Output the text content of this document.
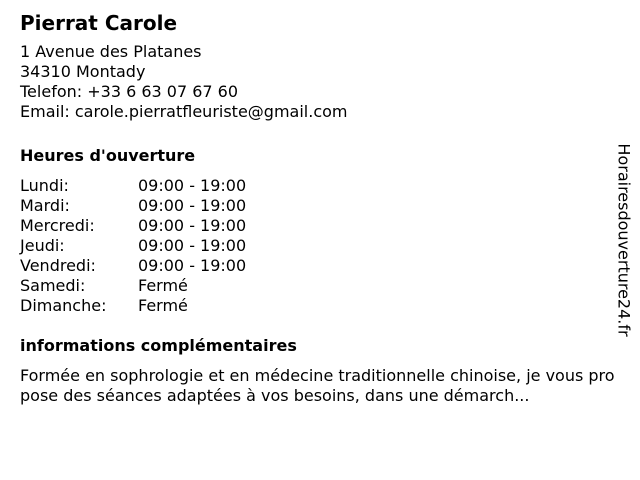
Pierrat Carole
1 Avenue des Platanes
34310 Montady
Telefon: +33 6 63 07 67 60
Email: carole.pierratfleuriste@gmail.com
Heures d'ouverture
Lundi:	09:00 - 19:00
Mardi:	09:00 - 19:00
Mercredi:	09:00 - 19:00
Jeudi:	09:00 - 19:00
Vendredi:	09:00 - 19:00
Samedi:	Fermé
Dimanche:	Fermé
informations complémentaires
Formée en sophrologie et en médecine traditionnelle chinoise, je vous propose des séances adaptées à vos besoins, dans une démarch...
Horairesdouverture24.fr
